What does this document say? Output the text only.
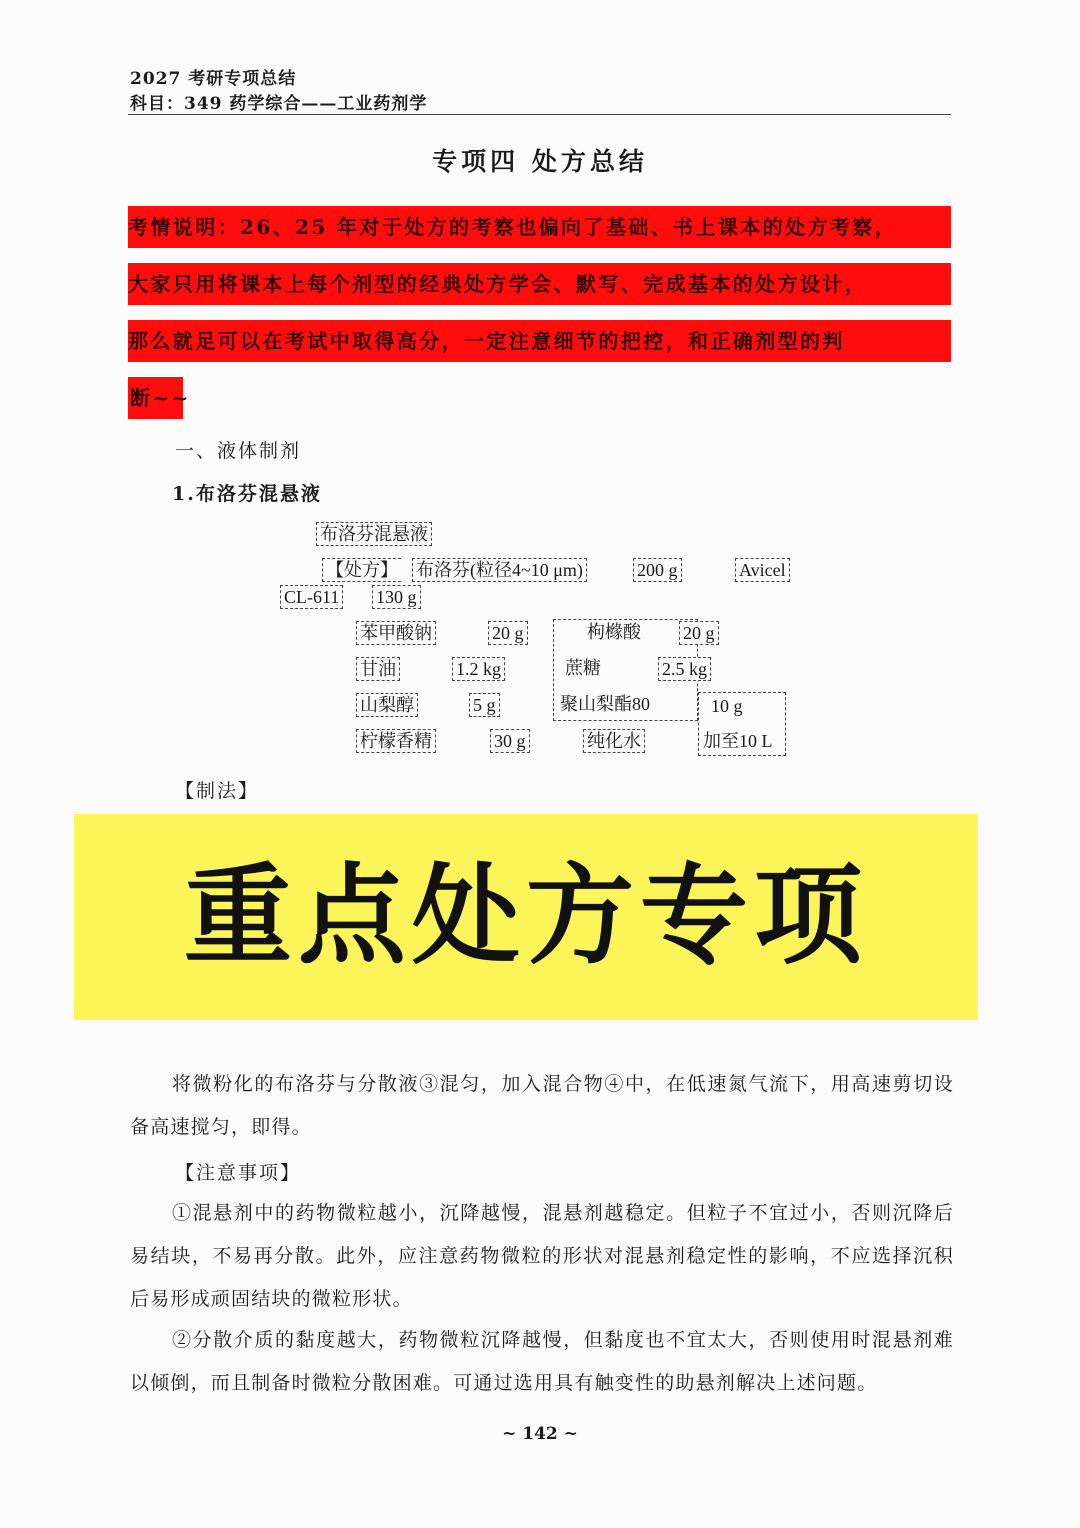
2027 考研专项总结
科目：349 药学综合——工业药剂学
专项四 处方总结
考情说明：26、25 年对于处方的考察也偏向了基础、书上课本的处方考察，
大家只用将课本上每个剂型的经典处方学会、默写、完成基本的处方设计，
那么就足可以在考试中取得高分，一定注意细节的把控，和正确剂型的判
断~~
一、液体制剂
1.布洛芬混悬液
布洛芬混悬液
【处方】 布洛芬(粒径4~10 μm)	200 g	Avicel
CL-611 130 g
苯甲酸钠	20 g	枸橼酸 20 g
甘油	1.2 kg	蔗糖	2.5 kg
山梨醇	5 g	聚山梨酯80	10 g
柠檬香精	30 g	纯化水	加至10 L
【制法】
重点处方专项
将微粉化的布洛芬与分散液③混匀，加入混合物④中，在低速氮气流下，用高速剪切设备高速搅匀，即得。
【注意事项】
①混悬剂中的药物微粒越小，沉降越慢，混悬剂越稳定。但粒子不宜过小，否则沉降后易结块，不易再分散。此外，应注意药物微粒的形状对混悬剂稳定性的影响，不应选择沉积后易形成顽固结块的微粒形状。
②分散介质的黏度越大，药物微粒沉降越慢，但黏度也不宜太大，否则使用时混悬剂难以倾倒，而且制备时微粒分散困难。可通过选用具有触变性的助悬剂解决上述问题。
~ 142 ~
